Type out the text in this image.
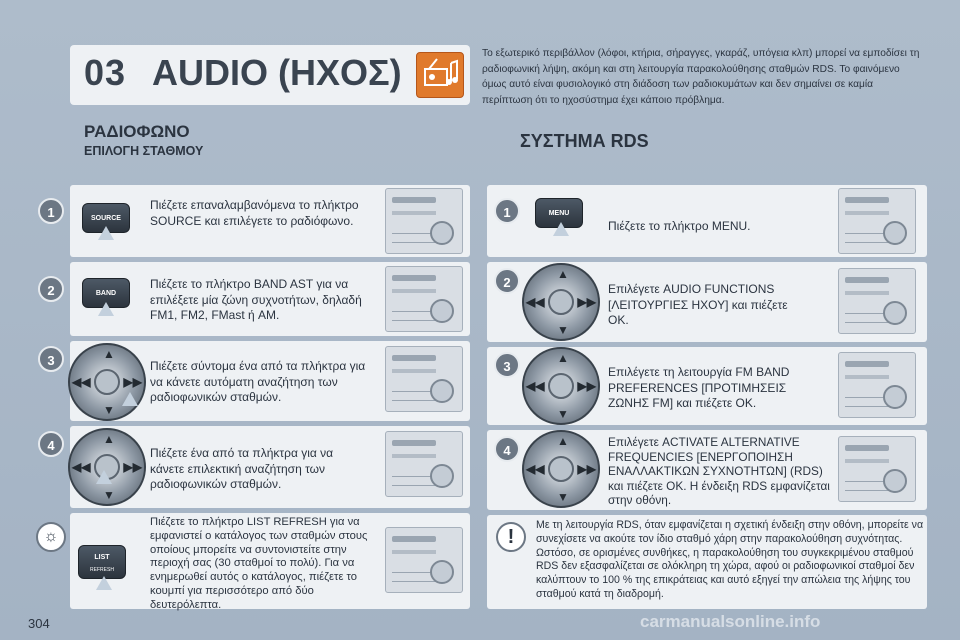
03 AUDIO (ΗΧΟΣ)	Το εξωτερικό περιβάλλον (λόφοι, κτήρια, σήραγγες, γκαράζ, υπόγεια κλπ) μπορεί να εμποδίσει τη ραδιοφωνική λήψη, ακόμη και στη λειτουργία παρακολούθησης σταθμών RDS. Το φαινόμενο όμως αυτό είναι φυσιολογικό στη διάδοση των ραδιοκυμάτων και δεν σημαίνει σε καμία περίπτωση ότι το ηχοσύστημα έχει κάποιο πρόβλημα.
ΡΑΔΙΟΦΩΝΟ
ΕΠΙΛΟΓΗ ΣΤΑΘΜΟΥ	ΣΥΣΤΗΜΑ RDS
1	SOURCE
Πιέζετε επαναλαμβανόμενα το πλήκτρο SOURCE και επιλέγετε το ραδιόφωνο.
2	BAND
Πιέζετε το πλήκτρο BAND AST για να επιλέξετε μία ζώνη συχνοτήτων, δηλαδή FM1, FM2, FMast ή AM.
3
◀◀	▶▶
▲
▼
Πιέζετε σύντομα ένα από τα πλήκτρα για να κάνετε αυτόματη αναζήτηση των ραδιοφωνικών σταθμών.
4
◀◀	▶▶
▲
▼
Πιέζετε ένα από τα πλήκτρα για να κάνετε επιλεκτική αναζήτηση των ραδιοφωνικών σταθμών.
☼
LIST
REFRESH
Πιέζετε το πλήκτρο LIST REFRESH για να εμφανιστεί ο κατάλογος των σταθμών στους οποίους μπορείτε να συντονιστείτε στην περιοχή σας (30 σταθμοί το πολύ). Για να ενημερωθεί αυτός ο κατάλογος, πιέζετε το κουμπί για περισσότερο από δύο δευτερόλεπτα.
1	MENU
Πιέζετε το πλήκτρο MENU.
2
◀◀	▶▶
▲
▼
Επιλέγετε AUDIO FUNCTIONS [ΛΕΙΤΟΥΡΓΙΕΣ ΗΧΟΥ] και πιέζετε OK.
3
◀◀	▶▶
▲
▼
Επιλέγετε τη λειτουργία FM BAND PREFERENCES [ΠΡΟΤΙΜΗΣΕΙΣ ΖΩΝΗΣ FM] και πιέζετε OK.
4
◀◀	▶▶
▲
▼
Επιλέγετε ACTIVATE ALTERNATIVE FREQUENCIES [ΕΝΕΡΓΟΠΟΙΗΣΗ ΕΝΑΛΛΑΚΤΙΚΩΝ ΣΥΧΝΟΤΗΤΩΝ] (RDS) και πιέζετε OK. Η ένδειξη RDS εμφανίζεται στην οθόνη.
!
Με τη λειτουργία RDS, όταν εμφανίζεται η σχετική ένδειξη στην οθόνη, μπορείτε να συνεχίσετε να ακούτε τον ίδιο σταθμό χάρη στην παρακολούθηση συχνότητας. Ωστόσο, σε ορισμένες συνθήκες, η παρακολούθηση του συγκεκριμένου σταθμού RDS δεν εξασφαλίζεται σε ολόκληρη τη χώρα, αφού οι ραδιοφωνικοί σταθμοί δεν καλύπτουν το 100 % της επικράτειας και αυτό εξηγεί την απώλεια της λήψης του σταθμού κατά τη διαδρομή.
304	carmanualsonline.info
